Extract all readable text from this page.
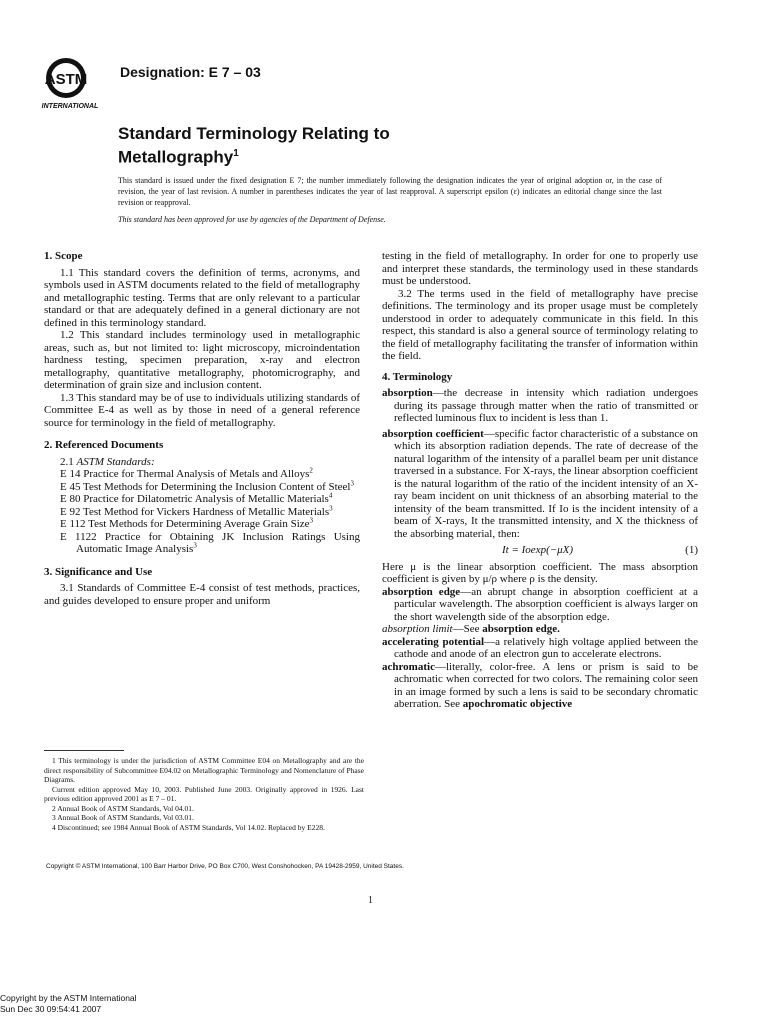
ASTM
INTERNATIONAL
Designation: E 7 – 03
Standard Terminology Relating to
Metallography$^1$
This standard is issued under the fixed designation E 7; the number immediately following the designation indicates the year of original adoption or, in the case of revision, the year of last revision. A number in parentheses indicates the year of last reapproval. A superscript epsilon (ε) indicates an editorial change since the last revision or reapproval.
This standard has been approved for use by agencies of the Department of Defense.
1. Scope

1.1 This standard covers the definition of terms, acronyms, and symbols used in ASTM documents related to the field of metallography and metallographic testing. Terms that are only relevant to a particular standard or that are adequately defined in a general dictionary are not defined in this terminology standard.

1.2 This standard includes terminology used in metallographic areas, such as, but not limited to: light microscopy, microindentation hardness testing, specimen preparation, x-ray and electron metallography, quantitative metallography, photomicrography, and determination of grain size and inclusion content.

1.3 This standard may be of use to individuals utilizing standards of Committee E-4 as well as by those in need of a general reference source for terminology in the field of metallography.

2. Referenced Documents

2.1 ASTM Standards:

E 14 Practice for Thermal Analysis of Metals and Alloys$^2$

E 45 Test Methods for Determining the Inclusion Content of Steel$^3$

E 80 Practice for Dilatometric Analysis of Metallic Materials$^4$

E 92 Test Method for Vickers Hardness of Metallic Materials$^3$

E 112 Test Methods for Determining Average Grain Size$^3$

E 1122 Practice for Obtaining JK Inclusion Ratings Using Automatic Image Analysis$^3$

3. Significance and Use

3.1 Standards of Committee E-4 consist of test methods, practices, and guides developed to ensure proper and uniform

1 This terminology is under the jurisdiction of ASTM Committee E04 on Metallography and are the direct responsibility of Subcommittee E04.02 on Metallographic Terminology and Nomenclature of Phase Diagrams.

Current edition approved May 10, 2003. Published June 2003. Originally approved in 1926. Last previous edition approved 2001 as E 7 – 01.

2 Annual Book of ASTM Standards, Vol 04.01.

3 Annual Book of ASTM Standards, Vol 03.01.

4 Discontinued; see 1984 Annual Book of ASTM Standards, Vol 14.02. Replaced by E228.

testing in the field of metallography. In order for one to properly use and interpret these standards, the terminology used in these standards must be understood.

3.2 The terms used in the field of metallography have precise definitions. The terminology and its proper usage must be completely understood in order to adequately communicate in this field. In this respect, this standard is also a general source of terminology relating to the field of metallography facilitating the transfer of information within the field.

4. Terminology

absorption—the decrease in intensity which radiation undergoes during its passage through matter when the ratio of transmitted or reflected luminous flux to incident is less than 1.

absorption coefficient—specific factor characteristic of a substance on which its absorption radiation depends. The rate of decrease of the natural logarithm of the intensity of a parallel beam per unit distance traversed in a substance. For X-rays, the linear absorption coefficient is the natural logarithm of the ratio of the incident intensity of an X-ray beam incident on unit thickness of an absorbing material to the intensity of the beam transmitted. If Io is the incident intensity of a beam of X-rays, It the transmitted intensity, and X the thickness of the absorbing material, then:

It = Ioexp(−μX)	(1)

Here μ is the linear absorption coefficient. The mass absorption coefficient is given by μ/ρ where ρ is the density.

absorption edge—an abrupt change in absorption coefficient at a particular wavelength. The absorption coefficient is always larger on the short wavelength side of the absorption edge.

absorption limit—See absorption edge.

accelerating potential—a relatively high voltage applied between the cathode and anode of an electron gun to accelerate electrons.

achromatic—literally, color-free. A lens or prism is said to be achromatic when corrected for two colors. The remaining color seen in an image formed by such a lens is said to be secondary chromatic aberration. See apochromatic objective

Copyright © ASTM International, 100 Barr Harbor Drive, PO Box C700, West Conshohocken, PA 19428-2959, United States.
1
Copyright by the ASTM International
Sun Dec 30 09:54:41 2007
